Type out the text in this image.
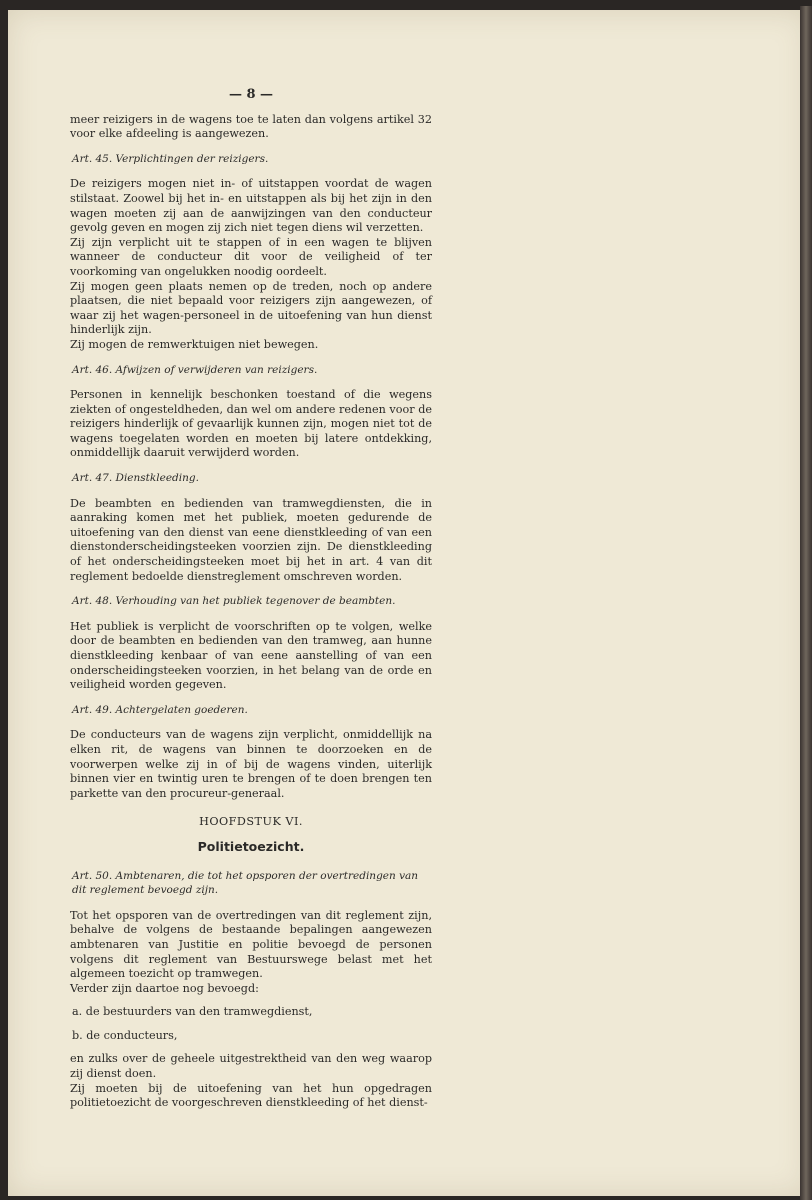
— 8 —

meer reizigers in de wagens toe te laten dan volgens artikel 32 voor elke afdeeling is aangewezen.

Art. 45. Verplichtingen der reizigers.

De reizigers mogen niet in- of uitstappen voordat de wagen stilstaat. Zoowel bij het in- en uitstappen als bij het zijn in den wagen moeten zij aan de aanwijzingen van den conducteur gevolg geven en mogen zij zich niet tegen diens wil verzetten.

Zij zijn verplicht uit te stappen of in een wagen te blijven wanneer de conducteur dit voor de veiligheid of ter voorkoming van ongelukken noodig oordeelt.

Zij mogen geen plaats nemen op de treden, noch op andere plaatsen, die niet bepaald voor reizigers zijn aangewezen, of waar zij het wagen-personeel in de uitoefening van hun dienst hinderlijk zijn.

Zij mogen de remwerktuigen niet bewegen.

Art. 46. Afwijzen of verwijderen van reizigers.

Personen in kennelijk beschonken toestand of die wegens ziekten of ongesteldheden, dan wel om andere redenen voor de reizigers hinderlijk of gevaarlijk kunnen zijn, mogen niet tot de wagens toegelaten worden en moeten bij latere ontdekking, onmiddellijk daaruit verwijderd worden.

Art. 47. Dienstkleeding.

De beambten en bedienden van tramwegdiensten, die in aanraking komen met het publiek, moeten gedurende de uitoefening van den dienst van eene dienstkleeding of van een dienstonderscheidingsteeken voorzien zijn. De dienstkleeding of het onderscheidingsteeken moet bij het in art. 4 van dit reglement bedoelde dienstreglement omschreven worden.

Art. 48. Verhouding van het publiek tegenover de beambten.

Het publiek is verplicht de voorschriften op te volgen, welke door de beambten en bedienden van den tramweg, aan hunne dienstkleeding kenbaar of van eene aanstelling of van een onderscheidingsteeken voorzien, in het belang van de orde en veiligheid worden gegeven.

Art. 49. Achtergelaten goederen.

De conducteurs van de wagens zijn verplicht, onmiddellijk na elken rit, de wagens van binnen te doorzoeken en de voorwerpen welke zij in of bij de wagens vinden, uiterlijk binnen vier en twintig uren te brengen of te doen brengen ten parkette van den procureur-generaal.

HOOFDSTUK VI.
Politietoezicht.
Art. 50. Ambtenaren, die tot het opsporen der overtredingen van dit reglement bevoegd zijn.

Tot het opsporen van de overtredingen van dit reglement zijn, behalve de volgens de bestaande bepalingen aangewezen ambtenaren van Justitie en politie bevoegd de personen volgens dit reglement van Bestuurswege belast met het algemeen toezicht op tramwegen.

Verder zijn daartoe nog bevoegd:

a. de bestuurders van den tramwegdienst,
b. de conducteurs,

en zulks over de geheele uitgestrektheid van den weg waarop zij dienst doen.

Zij moeten bij de uitoefening van het hun opgedragen politietoezicht de voorgeschreven dienstkleeding of het dienst-
